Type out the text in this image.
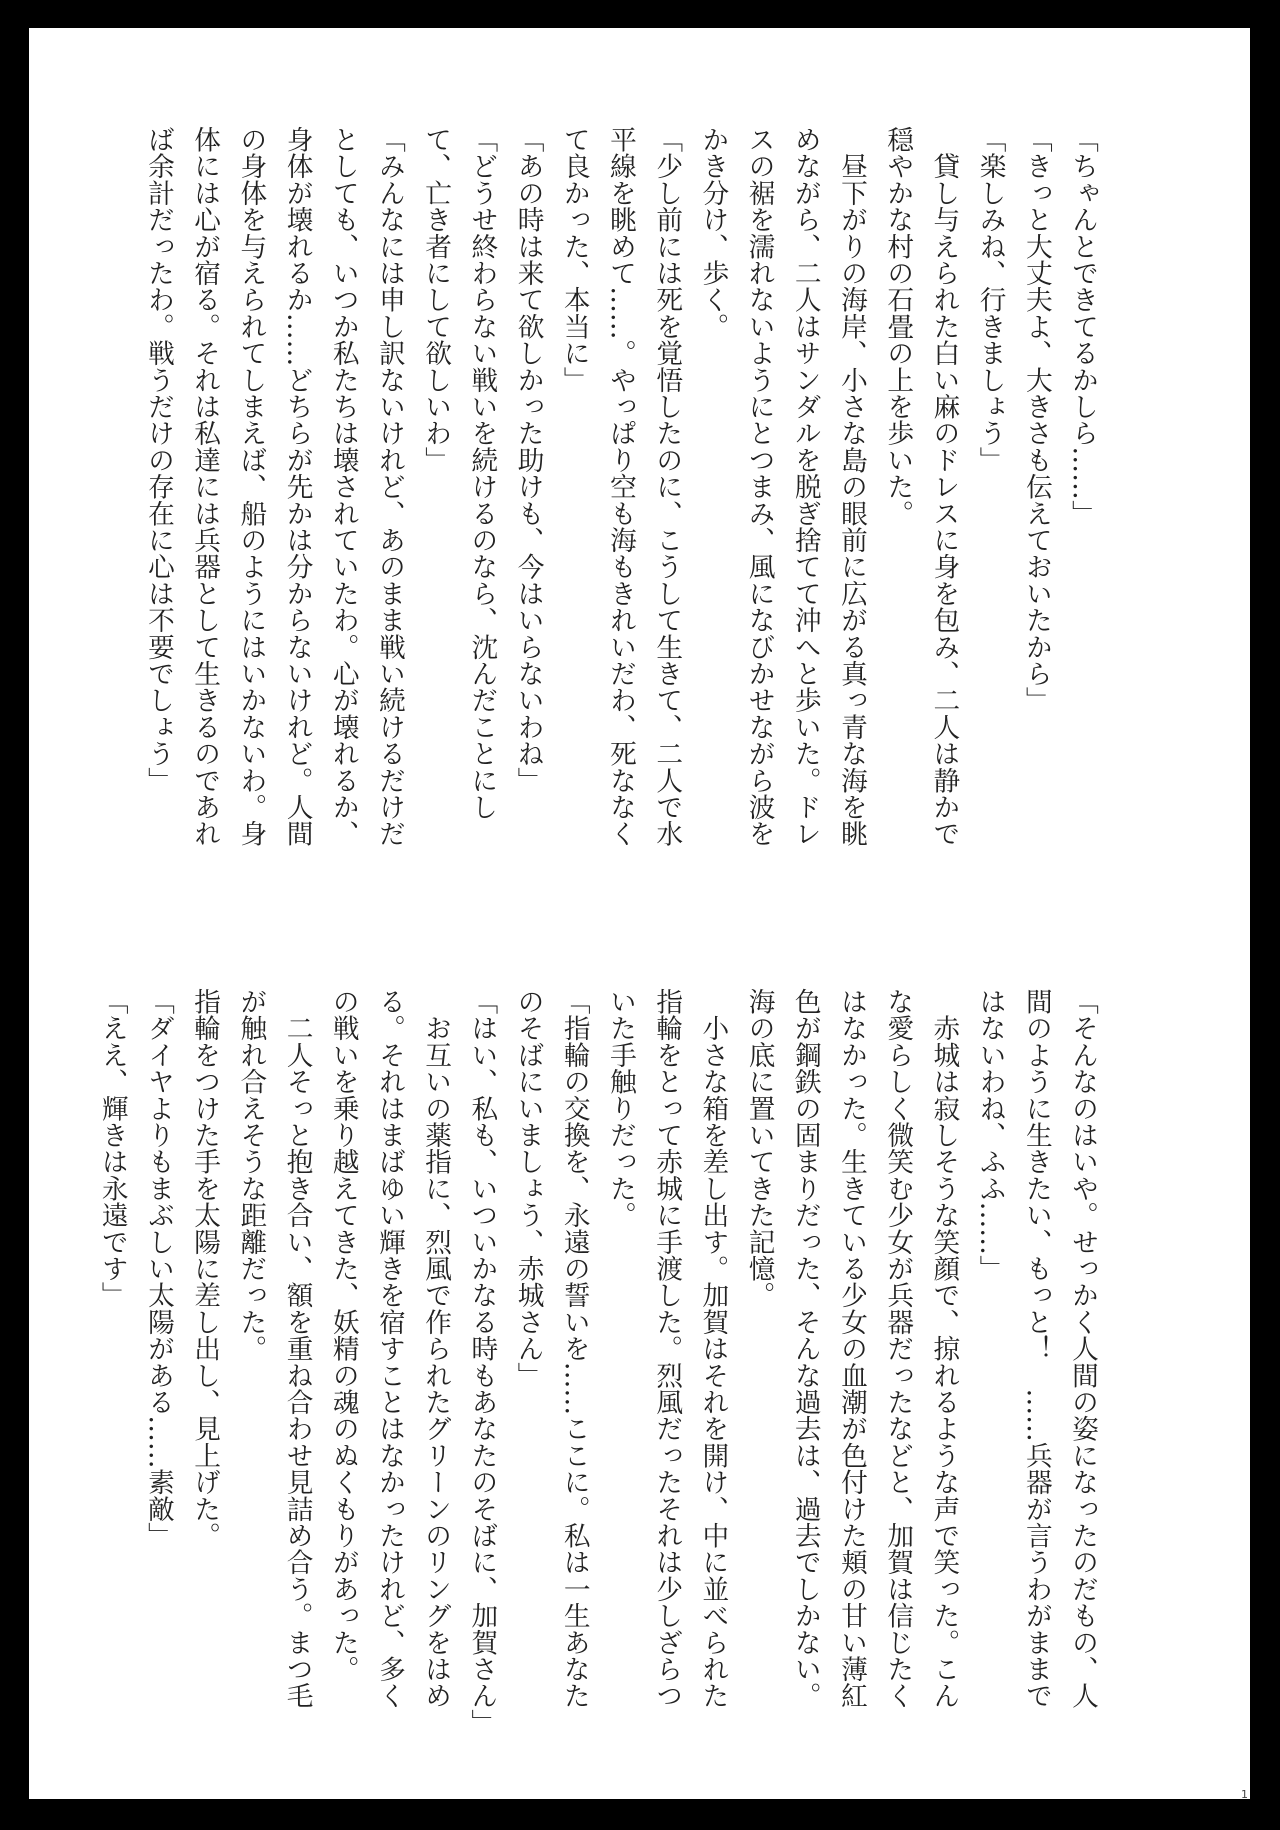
「ちゃんとできてるかしら……」

「きっと大丈夫よ、大きさも伝えておいたから」

「楽しみね、行きましょう」

　貸し与えられた白い麻のドレスに身を包み、二人は静かで

穏やかな村の石畳の上を歩いた。

　昼下がりの海岸、小さな島の眼前に広がる真っ青な海を眺

めながら、二人はサンダルを脱ぎ捨てて沖へと歩いた。ドレ

スの裾を濡れないようにとつまみ、風になびかせながら波を

かき分け、歩く。

「少し前には死を覚悟したのに、こうして生きて、二人で水

平線を眺めて……。やっぱり空も海もきれいだわ、死ななく

て良かった、本当に」

「あの時は来て欲しかった助けも、今はいらないわね」

「どうせ終わらない戦いを続けるのなら、沈んだことにし

て、亡き者にして欲しいわ」

「みんなには申し訳ないけれど、あのまま戦い続けるだけだ

としても、いつか私たちは壊されていたわ。心が壊れるか、

身体が壊れるか……どちらが先かは分からないけれど。人間

の身体を与えられてしまえば、船のようにはいかないわ。身

体には心が宿る。それは私達には兵器として生きるのであれ

ば余計だったわ。戦うだけの存在に心は不要でしょう」

「そんなのはいや。せっかく人間の姿になったのだもの、人

間のように生きたい、もっと！　……兵器が言うわがままで

はないわね、ふふ……」

　赤城は寂しそうな笑顔で、掠れるような声で笑った。こん

な愛らしく微笑む少女が兵器だったなどと、加賀は信じたく

はなかった。生きている少女の血潮が色付けた頬の甘い薄紅

色が鋼鉄の固まりだった、そんな過去は、過去でしかない。

海の底に置いてきた記憶。

　小さな箱を差し出す。加賀はそれを開け、中に並べられた

指輪をとって赤城に手渡した。烈風だったそれは少しざらつ

いた手触りだった。

「指輪の交換を、永遠の誓いを……ここに。私は一生あなた

のそばにいましょう、赤城さん」

「はい、私も、いついかなる時もあなたのそばに、加賀さん」

　お互いの薬指に、烈風で作られたグリーンのリングをはめ

る。それはまばゆい輝きを宿すことはなかったけれど、多く

の戦いを乗り越えてきた、妖精の魂のぬくもりがあった。

　二人そっと抱き合い、額を重ね合わせ見詰め合う。まつ毛

が触れ合えそうな距離だった。

指輪をつけた手を太陽に差し出し、見上げた。

「ダイヤよりもまぶしい太陽がある……素敵」

「ええ、輝きは永遠です」

1
